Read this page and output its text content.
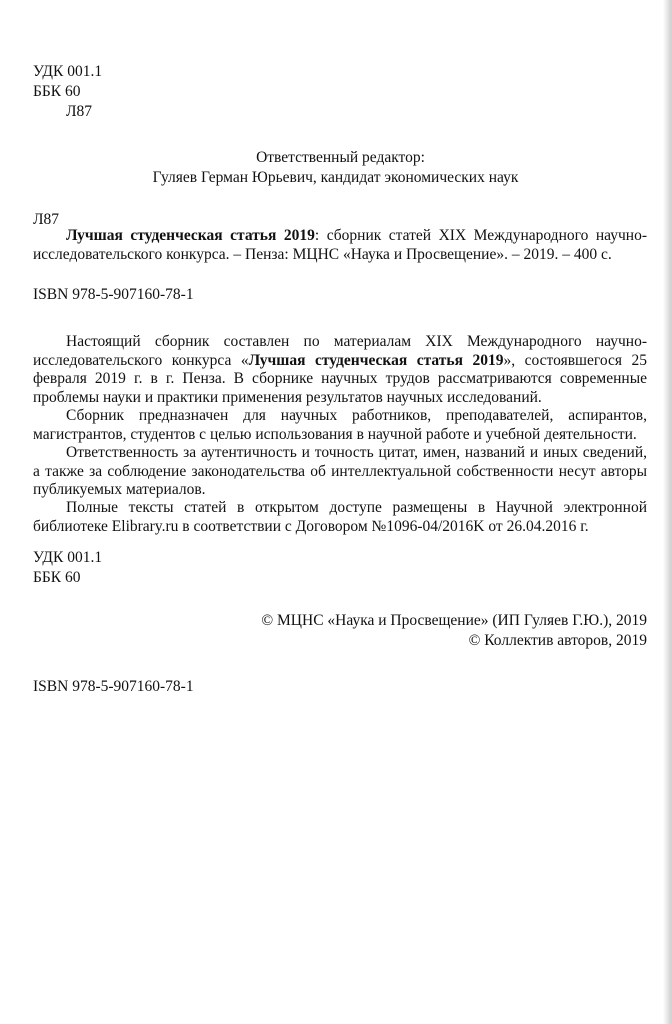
УДК 001.1
ББК 60
Л87
Ответственный редактор:
Гуляев Герман Юрьевич, кандидат экономических наук
Л87
Лучшая студенческая статья 2019: сборник статей XIX Международного научно-исследовательского конкурса. – Пенза: МЦНС «Наука и Просвещение». – 2019. – 400 с.
ISBN 978-5-907160-78-1
Настоящий сборник составлен по материалам XIX Международного научно-исследовательского конкурса «Лучшая студенческая статья 2019», состоявшегося 25 февраля 2019 г. в г. Пенза. В сборнике научных трудов рассматриваются современные проблемы науки и практики применения результатов научных исследований.
Сборник предназначен для научных работников, преподавателей, аспирантов, магистрантов, студентов с целью использования в научной работе и учебной деятельности.
Ответственность за аутентичность и точность цитат, имен, названий и иных сведений, а также за соблюдение законодательства об интеллектуальной собственности несут авторы публикуемых материалов.
Полные тексты статей в открытом доступе размещены в Научной электронной библиотеке Elibrary.ru в соответствии с Договором №1096-04/2016K от 26.04.2016 г.
УДК 001.1
ББК 60
© МЦНС «Наука и Просвещение» (ИП Гуляев Г.Ю.), 2019
© Коллектив авторов, 2019
ISBN 978-5-907160-78-1
